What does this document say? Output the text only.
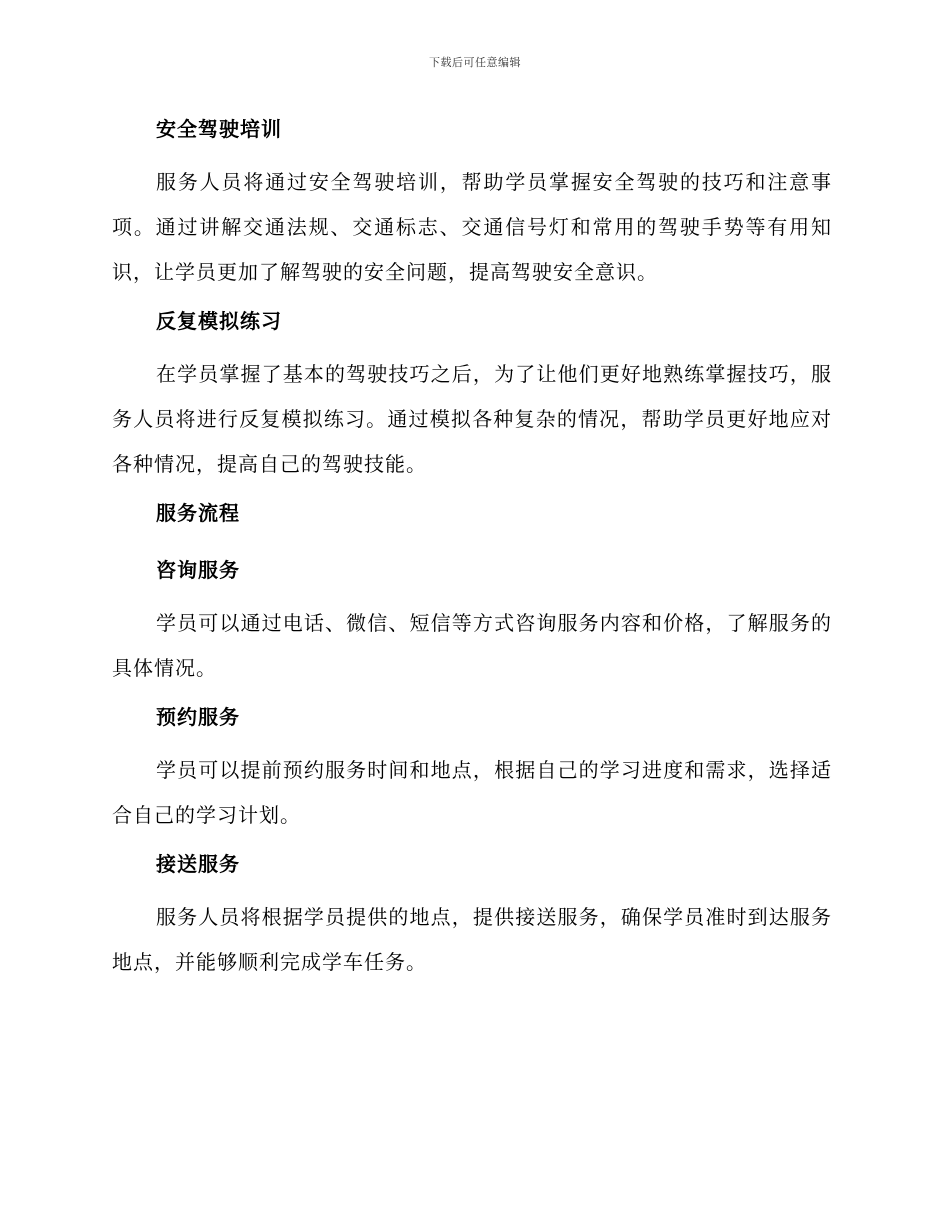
下载后可任意编辑
安全驾驶培训

服务人员将通过安全驾驶培训，帮助学员掌握安全驾驶的技巧和注意事项。通过讲解交通法规、交通标志、交通信号灯和常用的驾驶手势等有用知识，让学员更加了解驾驶的安全问题，提高驾驶安全意识。

反复模拟练习

在学员掌握了基本的驾驶技巧之后，为了让他们更好地熟练掌握技巧，服务人员将进行反复模拟练习。通过模拟各种复杂的情况，帮助学员更好地应对各种情况，提高自己的驾驶技能。

服务流程
咨询服务

学员可以通过电话、微信、短信等方式咨询服务内容和价格，了解服务的具体情况。

预约服务

学员可以提前预约服务时间和地点，根据自己的学习进度和需求，选择适合自己的学习计划。

接送服务

服务人员将根据学员提供的地点，提供接送服务，确保学员准时到达服务地点，并能够顺利完成学车任务。
